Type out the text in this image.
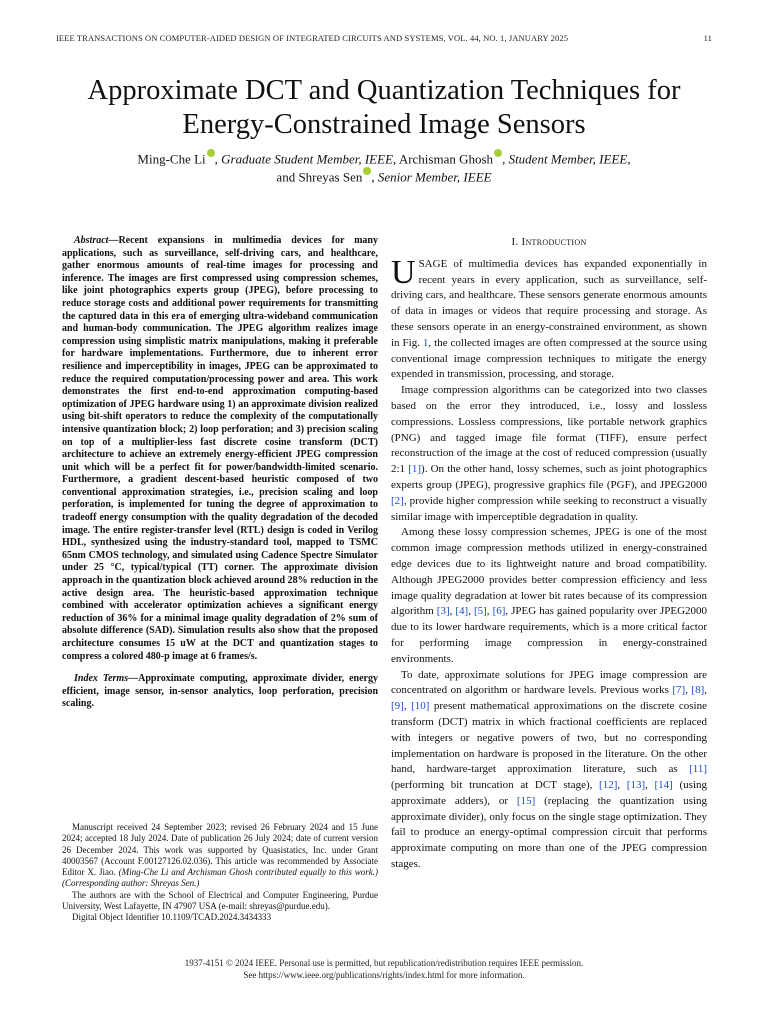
IEEE TRANSACTIONS ON COMPUTER-AIDED DESIGN OF INTEGRATED CIRCUITS AND SYSTEMS, VOL. 44, NO. 1, JANUARY 2025	11
Approximate DCT and Quantization Techniques for
Energy-Constrained Image Sensors
Ming-Che Li , Graduate Student Member, IEEE, Archisman Ghosh , Student Member, IEEE,
and Shreyas Sen , Senior Member, IEEE

Abstract—Recent expansions in multimedia devices for many applications, such as surveillance, self-driving cars, and healthcare, gather enormous amounts of real-time images for processing and inference. The images are first compressed using compression schemes, like joint photographics experts group (JPEG), before processing to reduce storage costs and additional power requirements for transmitting the captured data in this era of emerging ultra-wideband communication and human-body communication. The JPEG algorithm realizes image compression using simplistic matrix manipulations, making it preferable for hardware implementations. Furthermore, due to inherent error resilience and imperceptibility in images, JPEG can be approximated to reduce the required computation/processing power and area. This work demonstrates the first end-to-end approximation computing-based optimization of JPEG hardware using 1) an approximate division realized using bit-shift operators to reduce the complexity of the computationally intensive quantization block; 2) loop perforation; and 3) precision scaling on top of a multiplier-less fast discrete cosine transform (DCT) architecture to achieve an extremely energy-efficient JPEG compression unit which will be a perfect fit for power/bandwidth-limited scenario. Furthermore, a gradient descent-based heuristic composed of two conventional approximation strategies, i.e., precision scaling and loop perforation, is implemented for tuning the degree of approximation to tradeoff energy consumption with the quality degradation of the decoded image. The entire register-transfer level (RTL) design is coded in Verilog HDL, synthesized using the industry-standard tool, mapped to TSMC 65nm CMOS technology, and simulated using Cadence Spectre Simulator under 25 °C, typical/typical (TT) corner. The approximate division approach in the quantization block achieved around 28% reduction in the active design area. The heuristic-based approximation technique combined with accelerator optimization achieves a significant energy reduction of 36% for a minimal image quality degradation of 2% sum of absolute difference (SAD). Simulation results also show that the proposed architecture consumes 15 uW at the DCT and quantization stages to compress a colored 480-p image at 6 frames/s.

Index Terms—Approximate computing, approximate divider, energy efficient, image sensor, in-sensor analytics, loop perforation, precision scaling.

Manuscript received 24 September 2023; revised 26 February 2024 and 15 June 2024; accepted 18 July 2024. Date of publication 26 July 2024; date of current version 26 December 2024. This work was supported by Quasistatics, Inc. under Grant 40003567 (Account F.00127126.02.036). This article was recommended by Associate Editor X. Jiao. (Ming-Che Li and Archisman Ghosh contributed equally to this work.) (Corresponding author: Shreyas Sen.)

The authors are with the School of Electrical and Computer Engineering, Purdue University, West Lafayette, IN 47907 USA (e-mail: shreyas@purdue.edu).

Digital Object Identifier 10.1109/TCAD.2024.3434333

I. Introduction

USAGE of multimedia devices has expanded exponentially in recent years in every application, such as surveillance, self-driving cars, and healthcare. These sensors generate enormous amounts of data in images or videos that require processing and storage. As these sensors operate in an energy-constrained environment, as shown in Fig. 1, the collected images are often compressed at the source using conventional image compression techniques to mitigate the energy expended in transmission, processing, and storage.

Image compression algorithms can be categorized into two classes based on the error they introduced, i.e., lossy and lossless compressions. Lossless compressions, like portable network graphics (PNG) and tagged image file format (TIFF), ensure perfect reconstruction of the image at the cost of reduced compression (usually 2:1 [1]). On the other hand, lossy schemes, such as joint photographics experts group (JPEG), progressive graphics file (PGF), and JPEG2000 [2], provide higher compression while seeking to reconstruct a visually similar image with imperceptible degradation in quality.

Among these lossy compression schemes, JPEG is one of the most common image compression methods utilized in energy-constrained edge devices due to its lightweight nature and broad compatibility. Although JPEG2000 provides better compression efficiency and less image quality degradation at lower bit rates because of its compression algorithm [3], [4], [5], [6], JPEG has gained popularity over JPEG2000 due to its lower hardware requirements, which is a more critical factor for performing image compression in energy-constrained environments.

To date, approximate solutions for JPEG image compression are concentrated on algorithm or hardware levels. Previous works [7], [8], [9], [10] present mathematical approximations on the discrete cosine transform (DCT) matrix in which fractional coefficients are replaced with integers or negative powers of two, but no corresponding implementation on hardware is proposed in the literature. On the other hand, hardware-target approximation literature, such as [11] (performing bit truncation at DCT stage), [12], [13], [14] (using approximate adders), or [15] (replacing the quantization using approximate divider), only focus on the single stage optimization. They fail to produce an energy-optimal compression circuit that performs approximate computing on more than one of the JPEG compression stages.

1937-4151 © 2024 IEEE. Personal use is permitted, but republication/redistribution requires IEEE permission.
See https://www.ieee.org/publications/rights/index.html for more information.
